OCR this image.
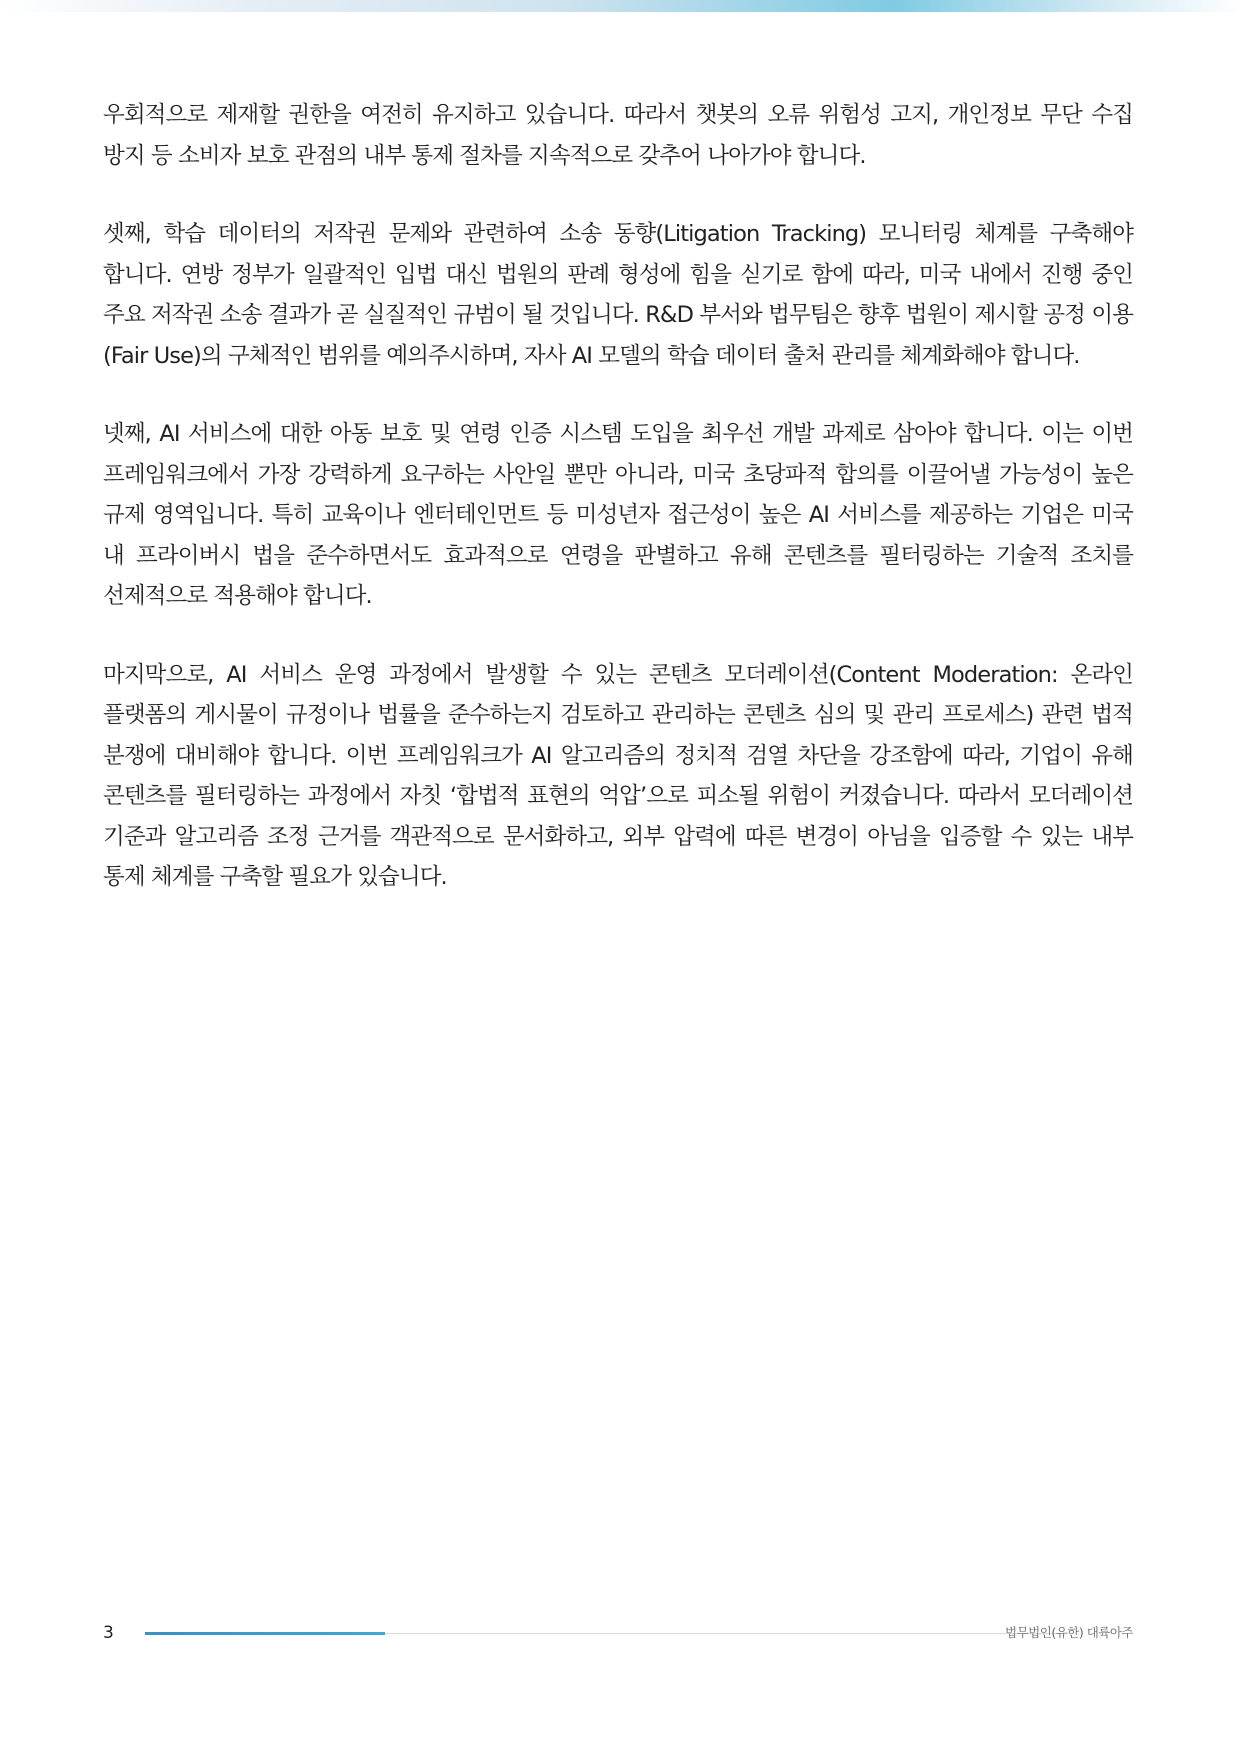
우회적으로 제재할 권한을 여전히 유지하고 있습니다. 따라서 챗봇의 오류 위험성 고지, 개인정보 무단 수집 방지 등 소비자 보호 관점의 내부 통제 절차를 지속적으로 갖추어 나아가야 합니다.

셋째, 학습 데이터의 저작권 문제와 관련하여 소송 동향(Litigation Tracking) 모니터링 체계를 구축해야 합니다. 연방 정부가 일괄적인 입법 대신 법원의 판례 형성에 힘을 싣기로 함에 따라, 미국 내에서 진행 중인 주요 저작권 소송 결과가 곧 실질적인 규범이 될 것입니다. R&D 부서와 법무팀은 향후 법원이 제시할 공정 이용(Fair Use)의 구체적인 범위를 예의주시하며, 자사 AI 모델의 학습 데이터 출처 관리를 체계화해야 합니다.

넷째, AI 서비스에 대한 아동 보호 및 연령 인증 시스템 도입을 최우선 개발 과제로 삼아야 합니다. 이는 이번 프레임워크에서 가장 강력하게 요구하는 사안일 뿐만 아니라, 미국 초당파적 합의를 이끌어낼 가능성이 높은 규제 영역입니다. 특히 교육이나 엔터테인먼트 등 미성년자 접근성이 높은 AI 서비스를 제공하는 기업은 미국 내 프라이버시 법을 준수하면서도 효과적으로 연령을 판별하고 유해 콘텐츠를 필터링하는 기술적 조치를 선제적으로 적용해야 합니다.

마지막으로, AI 서비스 운영 과정에서 발생할 수 있는 콘텐츠 모더레이션(Content Moderation: 온라인 플랫폼의 게시물이 규정이나 법률을 준수하는지 검토하고 관리하는 콘텐츠 심의 및 관리 프로세스) 관련 법적 분쟁에 대비해야 합니다. 이번 프레임워크가 AI 알고리즘의 정치적 검열 차단을 강조함에 따라, 기업이 유해 콘텐츠를 필터링하는 과정에서 자칫 ‘합법적 표현의 억압’으로 피소될 위험이 커졌습니다. 따라서 모더레이션 기준과 알고리즘 조정 근거를 객관적으로 문서화하고, 외부 압력에 따른 변경이 아님을 입증할 수 있는 내부 통제 체계를 구축할 필요가 있습니다.

3	법무법인(유한) 대륙아주
